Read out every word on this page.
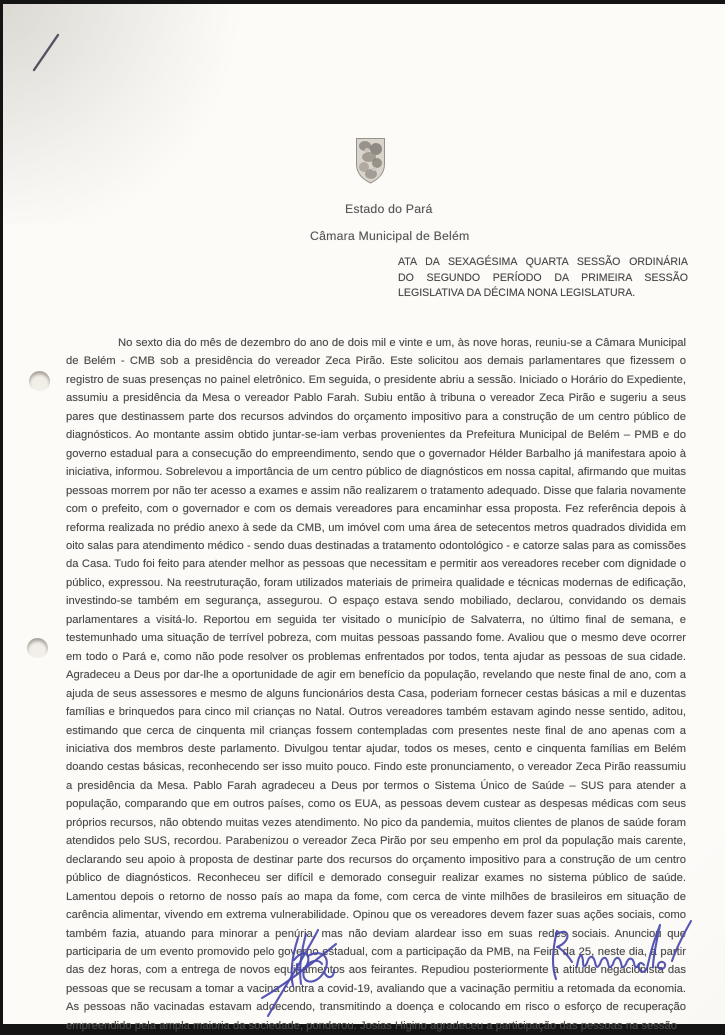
Estado do Pará
Câmara Municipal de Belém
ATA DA SEXAGÉSIMA QUARTA SESSÃO ORDINÁRIA
DO SEGUNDO PERÍODO DA PRIMEIRA SESSÃO
LEGISLATIVA DA DÉCIMA NONA LEGISLATURA.
No sexto dia do mês de dezembro do ano de dois mil e vinte e um, às nove horas, reuniu-se a Câmara Municipal de Belém - CMB sob a presidência do vereador Zeca Pirão. Este solicitou aos demais parlamentares que fizessem o registro de suas presenças no painel eletrônico. Em seguida, o presidente abriu a sessão. Iniciado o Horário do Expediente, assumiu a presidência da Mesa o vereador Pablo Farah. Subiu então à tribuna o vereador Zeca Pirão e sugeriu a seus pares que destinassem parte dos recursos advindos do orçamento impositivo para a construção de um centro público de diagnósticos. Ao montante assim obtido juntar-se-iam verbas provenientes da Prefeitura Municipal de Belém – PMB e do governo estadual para a consecução do empreendimento, sendo que o governador Hélder Barbalho já manifestara apoio à iniciativa, informou. Sobrelevou a importância de um centro público de diagnósticos em nossa capital, afirmando que muitas pessoas morrem por não ter acesso a exames e assim não realizarem o tratamento adequado. Disse que falaria novamente com o prefeito, com o governador e com os demais vereadores para encaminhar essa proposta. Fez referência depois à reforma realizada no prédio anexo à sede da CMB, um imóvel com uma área de setecentos metros quadrados dividida em oito salas para atendimento médico - sendo duas destinadas a tratamento odontológico - e catorze salas para as comissões da Casa. Tudo foi feito para atender melhor as pessoas que necessitam e permitir aos vereadores receber com dignidade o público, expressou. Na reestruturação, foram utilizados materiais de primeira qualidade e técnicas modernas de edificação, investindo-se também em segurança, assegurou. O espaço estava sendo mobiliado, declarou, convidando os demais parlamentares a visitá-lo. Reportou em seguida ter visitado o município de Salvaterra, no último final de semana, e testemunhado uma situação de terrível pobreza, com muitas pessoas passando fome. Avaliou que o mesmo deve ocorrer em todo o Pará e, como não pode resolver os problemas enfrentados por todos, tenta ajudar as pessoas de sua cidade. Agradeceu a Deus por dar-lhe a oportunidade de agir em benefício da população, revelando que neste final de ano, com a ajuda de seus assessores e mesmo de alguns funcionários desta Casa, poderiam fornecer cestas básicas a mil e duzentas famílias e brinquedos para cinco mil crianças no Natal. Outros vereadores também estavam agindo nesse sentido, aditou, estimando que cerca de cinquenta mil crianças fossem contempladas com presentes neste final de ano apenas com a iniciativa dos membros deste parlamento. Divulgou tentar ajudar, todos os meses, cento e cinquenta famílias em Belém doando cestas básicas, reconhecendo ser isso muito pouco. Findo este pronunciamento, o vereador Zeca Pirão reassumiu a presidência da Mesa. Pablo Farah agradeceu a Deus por termos o Sistema Único de Saúde – SUS para atender a população, comparando que em outros países, como os EUA, as pessoas devem custear as despesas médicas com seus próprios recursos, não obtendo muitas vezes atendimento. No pico da pandemia, muitos clientes de planos de saúde foram atendidos pelo SUS, recordou. Parabenizou o vereador Zeca Pirão por seu empenho em prol da população mais carente, declarando seu apoio à proposta de destinar parte dos recursos do orçamento impositivo para a construção de um centro público de diagnósticos. Reconheceu ser difícil e demorado conseguir realizar exames no sistema público de saúde. Lamentou depois o retorno de nosso país ao mapa da fome, com cerca de vinte milhões de brasileiros em situação de carência alimentar, vivendo em extrema vulnerabilidade. Opinou que os vereadores devem fazer suas ações sociais, como também fazia, atuando para minorar a penúria, mas não deviam alardear isso em suas redes sociais. Anunciou que participaria de um evento promovido pelo governo estadual, com a participação da PMB, na Feira da 25, neste dia, a partir das dez horas, com a entrega de novos equipamentos aos feirantes. Repudiou posteriormente a atitude negacionista das pessoas que se recusam a tomar a vacina contra a covid-19, avaliando que a vacinação permitiu a retomada da economia. As pessoas não vacinadas estavam adoecendo, transmitindo a doença e colocando em risco o esforço de recuperação empreendido pela ampla maioria da sociedade, ponderou. Josias Higino agradeceu a participação das pessoas na sessão
